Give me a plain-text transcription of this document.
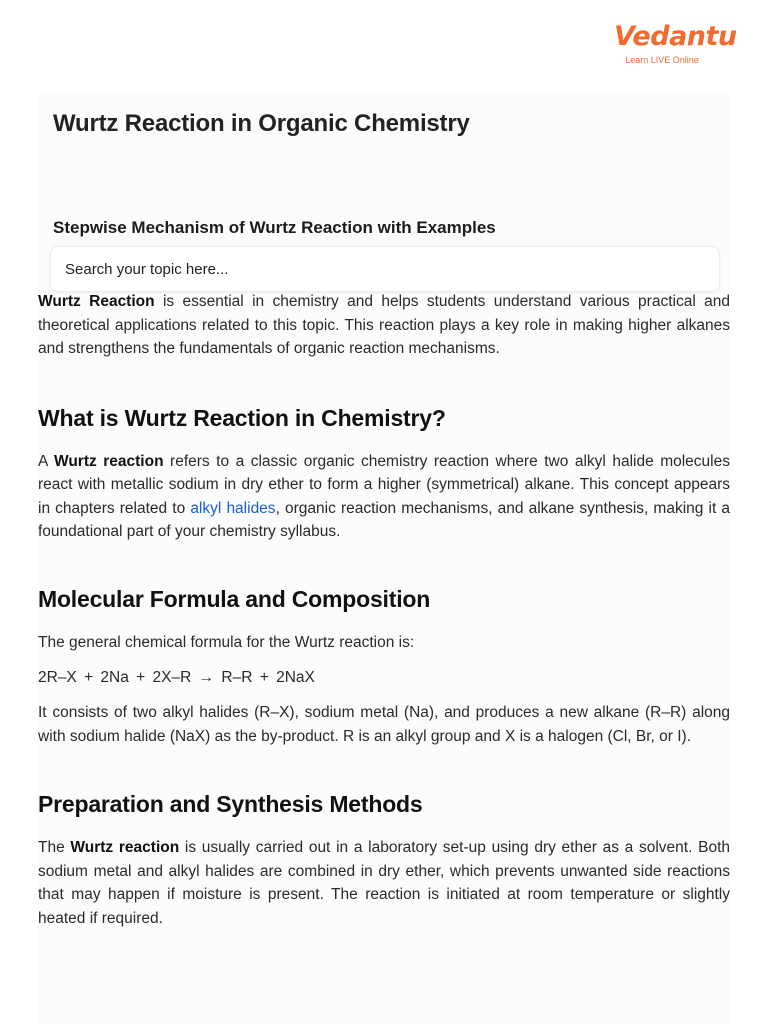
Vedantu
Learn LIVE Online
Wurtz Reaction in Organic Chemistry
Stepwise Mechanism of Wurtz Reaction with Examples
Search your topic here...

Wurtz Reaction is essential in chemistry and helps students understand various practical and theoretical applications related to this topic. This reaction plays a key role in making higher alkanes and strengthens the fundamentals of organic reaction mechanisms.

What is Wurtz Reaction in Chemistry?

A Wurtz reaction refers to a classic organic chemistry reaction where two alkyl halide molecules react with metallic sodium in dry ether to form a higher (symmetrical) alkane. This concept appears in chapters related to alkyl halides, organic reaction mechanisms, and alkane synthesis, making it a foundational part of your chemistry syllabus.

Molecular Formula and Composition

The general chemical formula for the Wurtz reaction is:

2R–X + 2Na + 2X–R → R–R + 2NaX

It consists of two alkyl halides (R–X), sodium metal (Na), and produces a new alkane (R–R) along with sodium halide (NaX) as the by-product. R is an alkyl group and X is a halogen (Cl, Br, or I).

Preparation and Synthesis Methods

The Wurtz reaction is usually carried out in a laboratory set-up using dry ether as a solvent. Both sodium metal and alkyl halides are combined in dry ether, which prevents unwanted side reactions that may happen if moisture is present. The reaction is initiated at room temperature or slightly heated if required.
